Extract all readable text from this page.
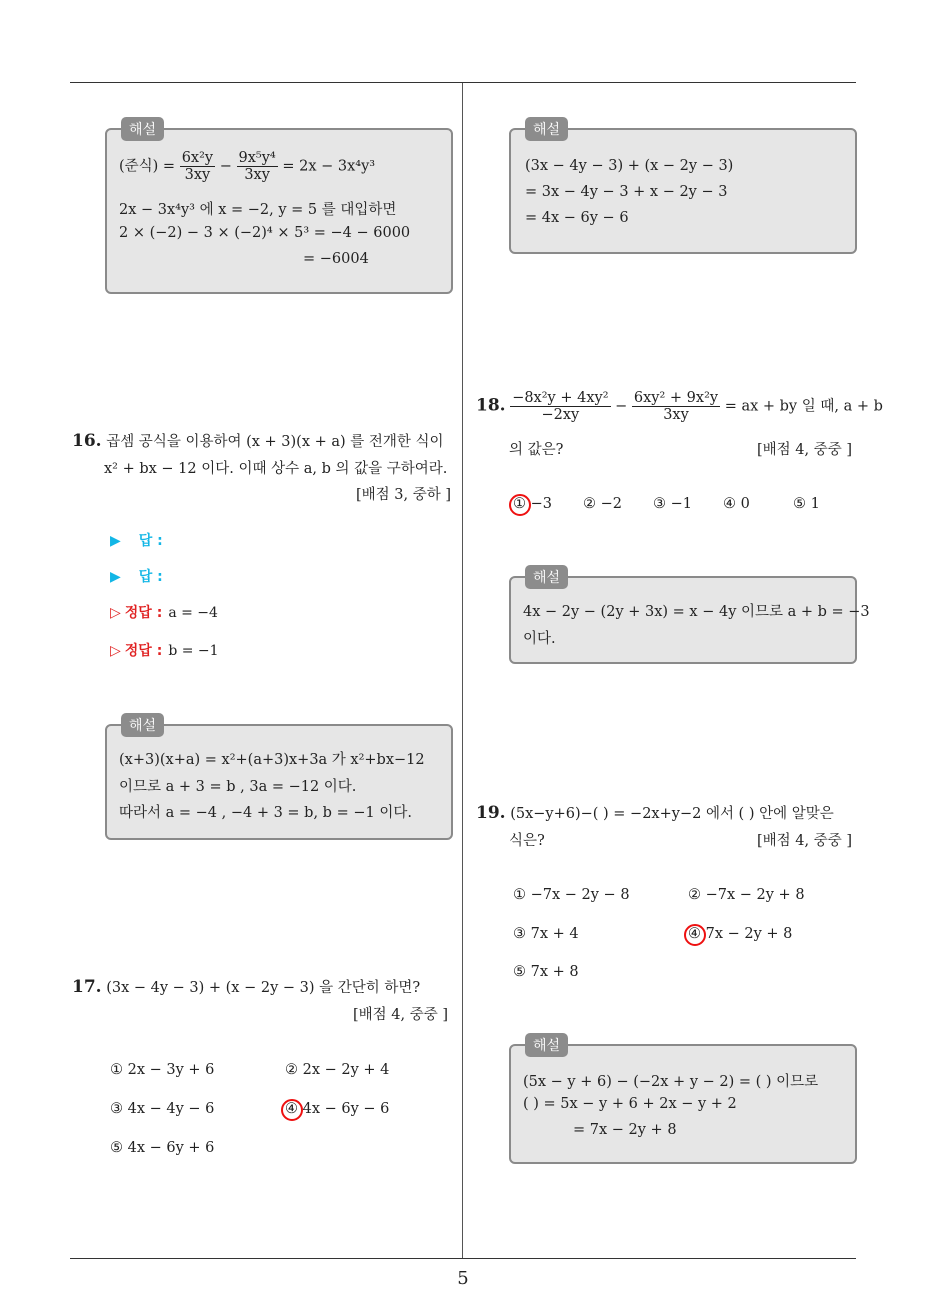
해설
(준식) = $\frac{\text{6x²y}}{3xy} - \frac{\text{9x⁵y⁴}}{3xy} = 2x - 3x^4y^3$
2x − 3x⁴y³ 에 x = −2, y = 5 를 대입하면
2 × (−2) − 3 × (−2)⁴ × 5³ = −4 − 6000
= −6004
16. 곱셈 공식을 이용하여 (x + 3)(x + a) 를 전개한 식이
x² + bx − 12 이다. 이때 상수 a, b 의 값을 구하여라.
[배점 3, 중하 ]
▶ 답 :
▶ 답 :
▷ 정답 : a = −4
▷ 정답 : b = −1
해설
(x+3)(x+a) = x²+(a+3)x+3a 가 x²+bx−12
이므로 a + 3 = b , 3a = −12 이다.
따라서 a = −4 , −4 + 3 = b, b = −1 이다.
17. (3x − 4y − 3) + (x − 2y − 3) 을 간단히 하면?
[배점 4, 중중 ]
① 2x − 3y + 6	② 2x − 2y + 4
③ 4x − 4y − 6	④ 4x − 6y − 6
⑤ 4x − 6y + 6
해설
(3x − 4y − 3) + (x − 2y − 3)
= 3x − 4y − 3 + x − 2y − 3
= 4x − 6y − 6
18. $\frac{\text{−8x²y + 4xy²}}{-2xy} - \frac{\text{6xy² + 9x²y}}{3xy}$ = ax + by 일 때, a + b
의 값은?	[배점 4, 중중 ]
① −3 ② −2 ③ −1 ④ 0	⑤ 1
해설
4x − 2y − (2y + 3x) = x − 4y 이므로 a + b = −3
이다.
19. (5x−y+6)−( ) = −2x+y−2 에서 ( ) 안에 알맞은
식은?	[배점 4, 중중 ]
① −7x − 2y − 8	② −7x − 2y + 8
③ 7x + 4	④ 7x − 2y + 8
⑤ 7x + 8
해설
(5x − y + 6) − (−2x + y − 2) = ( ) 이므로
( ) = 5x − y + 6 + 2x − y + 2
= 7x − 2y + 8
5
